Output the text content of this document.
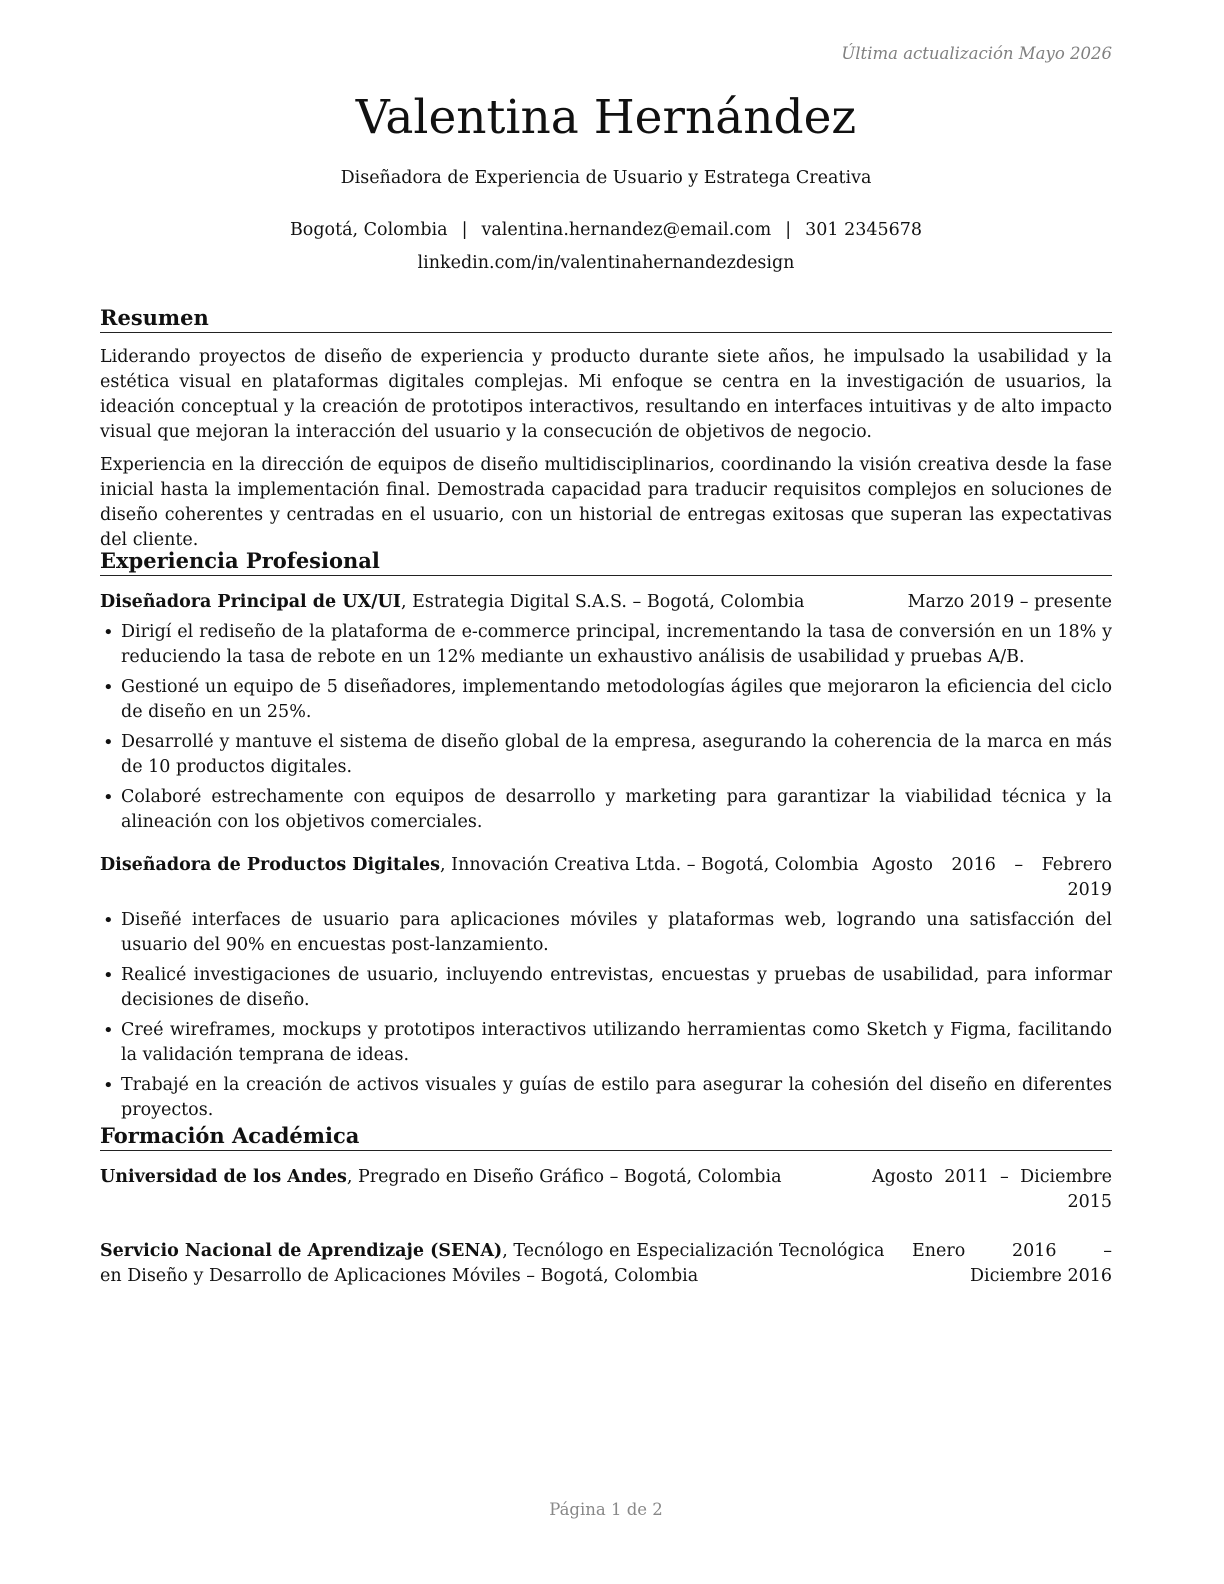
Última actualización Mayo 2026
Valentina Hernández
Diseñadora de Experiencia de Usuario y Estratega Creativa
Bogotá, Colombia | valentina.hernandez@email.com | 301 2345678
linkedin.com/in/valentinahernandezdesign
Resumen

Liderando proyectos de diseño de experiencia y producto durante siete años, he impulsado la usabilidad y la estética visual en plataformas digitales complejas. Mi enfoque se centra en la investigación de usuarios, la ideación conceptual y la creación de prototipos interactivos, resultando en interfaces intuitivas y de alto impacto visual que mejoran la interacción del usuario y la consecución de objetivos de negocio.

Experiencia en la dirección de equipos de diseño multidisciplinarios, coordinando la visión creativa desde la fase inicial hasta la implementación final. Demostrada capacidad para traducir requisitos complejos en soluciones de diseño coherentes y centradas en el usuario, con un historial de entregas exitosas que superan las expectativas del cliente.

Experiencia Profesional
Diseñadora Principal de UX/UI, Estrategia Digital S.A.S. – Bogotá, Colombia	Marzo 2019 – presente
• Dirigí el rediseño de la plataforma de e-commerce principal, incrementando la tasa de conversión en un 18% y reduciendo la tasa de rebote en un 12% mediante un exhaustivo análisis de usabilidad y pruebas A/B.
• Gestioné un equipo de 5 diseñadores, implementando metodologías ágiles que mejoraron la eficiencia del ciclo de diseño en un 25%.
• Desarrollé y mantuve el sistema de diseño global de la empresa, asegurando la coherencia de la marca en más de 10 productos digitales.
• Colaboré estrechamente con equipos de desarrollo y marketing para garantizar la viabilidad técnica y la alineación con los objetivos comerciales.
Diseñadora de Productos Digitales, Innovación Creativa Ltda. – Bogotá, Colombia Agosto 2016 – Febrero 2019
• Diseñé interfaces de usuario para aplicaciones móviles y plataformas web, logrando una satisfacción del usuario del 90% en encuestas post-lanzamiento.
• Realicé investigaciones de usuario, incluyendo entrevistas, encuestas y pruebas de usabilidad, para informar decisiones de diseño.
• Creé wireframes, mockups y prototipos interactivos utilizando herramientas como Sketch y Figma, facilitando la validación temprana de ideas.
• Trabajé en la creación de activos visuales y guías de estilo para asegurar la cohesión del diseño en diferentes proyectos.
Formación Académica
Universidad de los Andes, Pregrado en Diseño Gráfico – Bogotá, Colombia	Agosto 2011 – Diciembre 2015
Servicio Nacional de Aprendizaje (SENA), Tecnólogo en Especialización Tecnológica en Diseño y Desarrollo de Aplicaciones Móviles – Bogotá, Colombia
Enero 2016 – Diciembre 2016
Página 1 de 2
